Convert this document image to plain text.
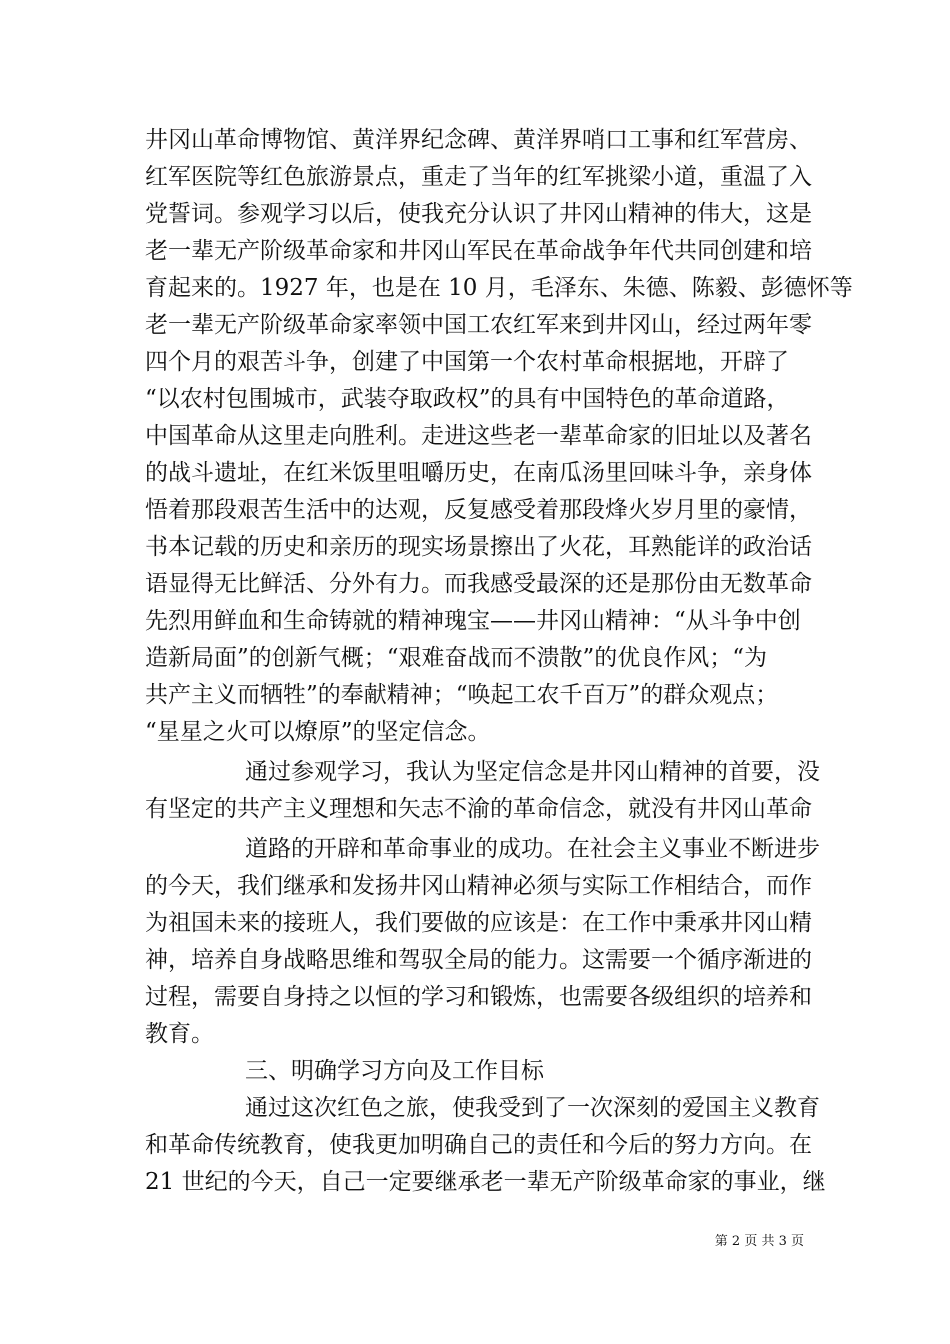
井冈山革命博物馆、黄洋界纪念碑、黄洋界哨口工事和红军营房、
红军医院等红色旅游景点，重走了当年的红军挑梁小道，重温了入
党誓词。参观学习以后，使我充分认识了井冈山精神的伟大，这是
老一辈无产阶级革命家和井冈山军民在革命战争年代共同创建和培
育起来的。1927 年，也是在 10 月，毛泽东、朱德、陈毅、彭德怀等
老一辈无产阶级革命家率领中国工农红军来到井冈山，经过两年零
四个月的艰苦斗争，创建了中国第一个农村革命根据地，开辟了
“以农村包围城市，武装夺取政权”的具有中国特色的革命道路，
中国革命从这里走向胜利。走进这些老一辈革命家的旧址以及著名
的战斗遗址，在红米饭里咀嚼历史，在南瓜汤里回味斗争，亲身体
悟着那段艰苦生活中的达观，反复感受着那段烽火岁月里的豪情，
书本记载的历史和亲历的现实场景擦出了火花，耳熟能详的政治话
语显得无比鲜活、分外有力。而我感受最深的还是那份由无数革命
先烈用鲜血和生命铸就的精神瑰宝——井冈山精神：“从斗争中创
造新局面”的创新气概；“艰难奋战而不溃散”的优良作风；“为
共产主义而牺牲”的奉献精神；“唤起工农千百万”的群众观点；
“星星之火可以燎原”的坚定信念。
通过参观学习，我认为坚定信念是井冈山精神的首要，没
有坚定的共产主义理想和矢志不渝的革命信念，就没有井冈山革命
道路的开辟和革命事业的成功。在社会主义事业不断进步
的今天，我们继承和发扬井冈山精神必须与实际工作相结合，而作
为祖国未来的接班人，我们要做的应该是：在工作中秉承井冈山精
神，培养自身战略思维和驾驭全局的能力。这需要一个循序渐进的
过程，需要自身持之以恒的学习和锻炼，也需要各级组织的培养和
教育。
三、明确学习方向及工作目标
通过这次红色之旅，使我受到了一次深刻的爱国主义教育
和革命传统教育，使我更加明确自己的责任和今后的努力方向。在
21 世纪的今天，自己一定要继承老一辈无产阶级革命家的事业，继
第 2 页 共 3 页
